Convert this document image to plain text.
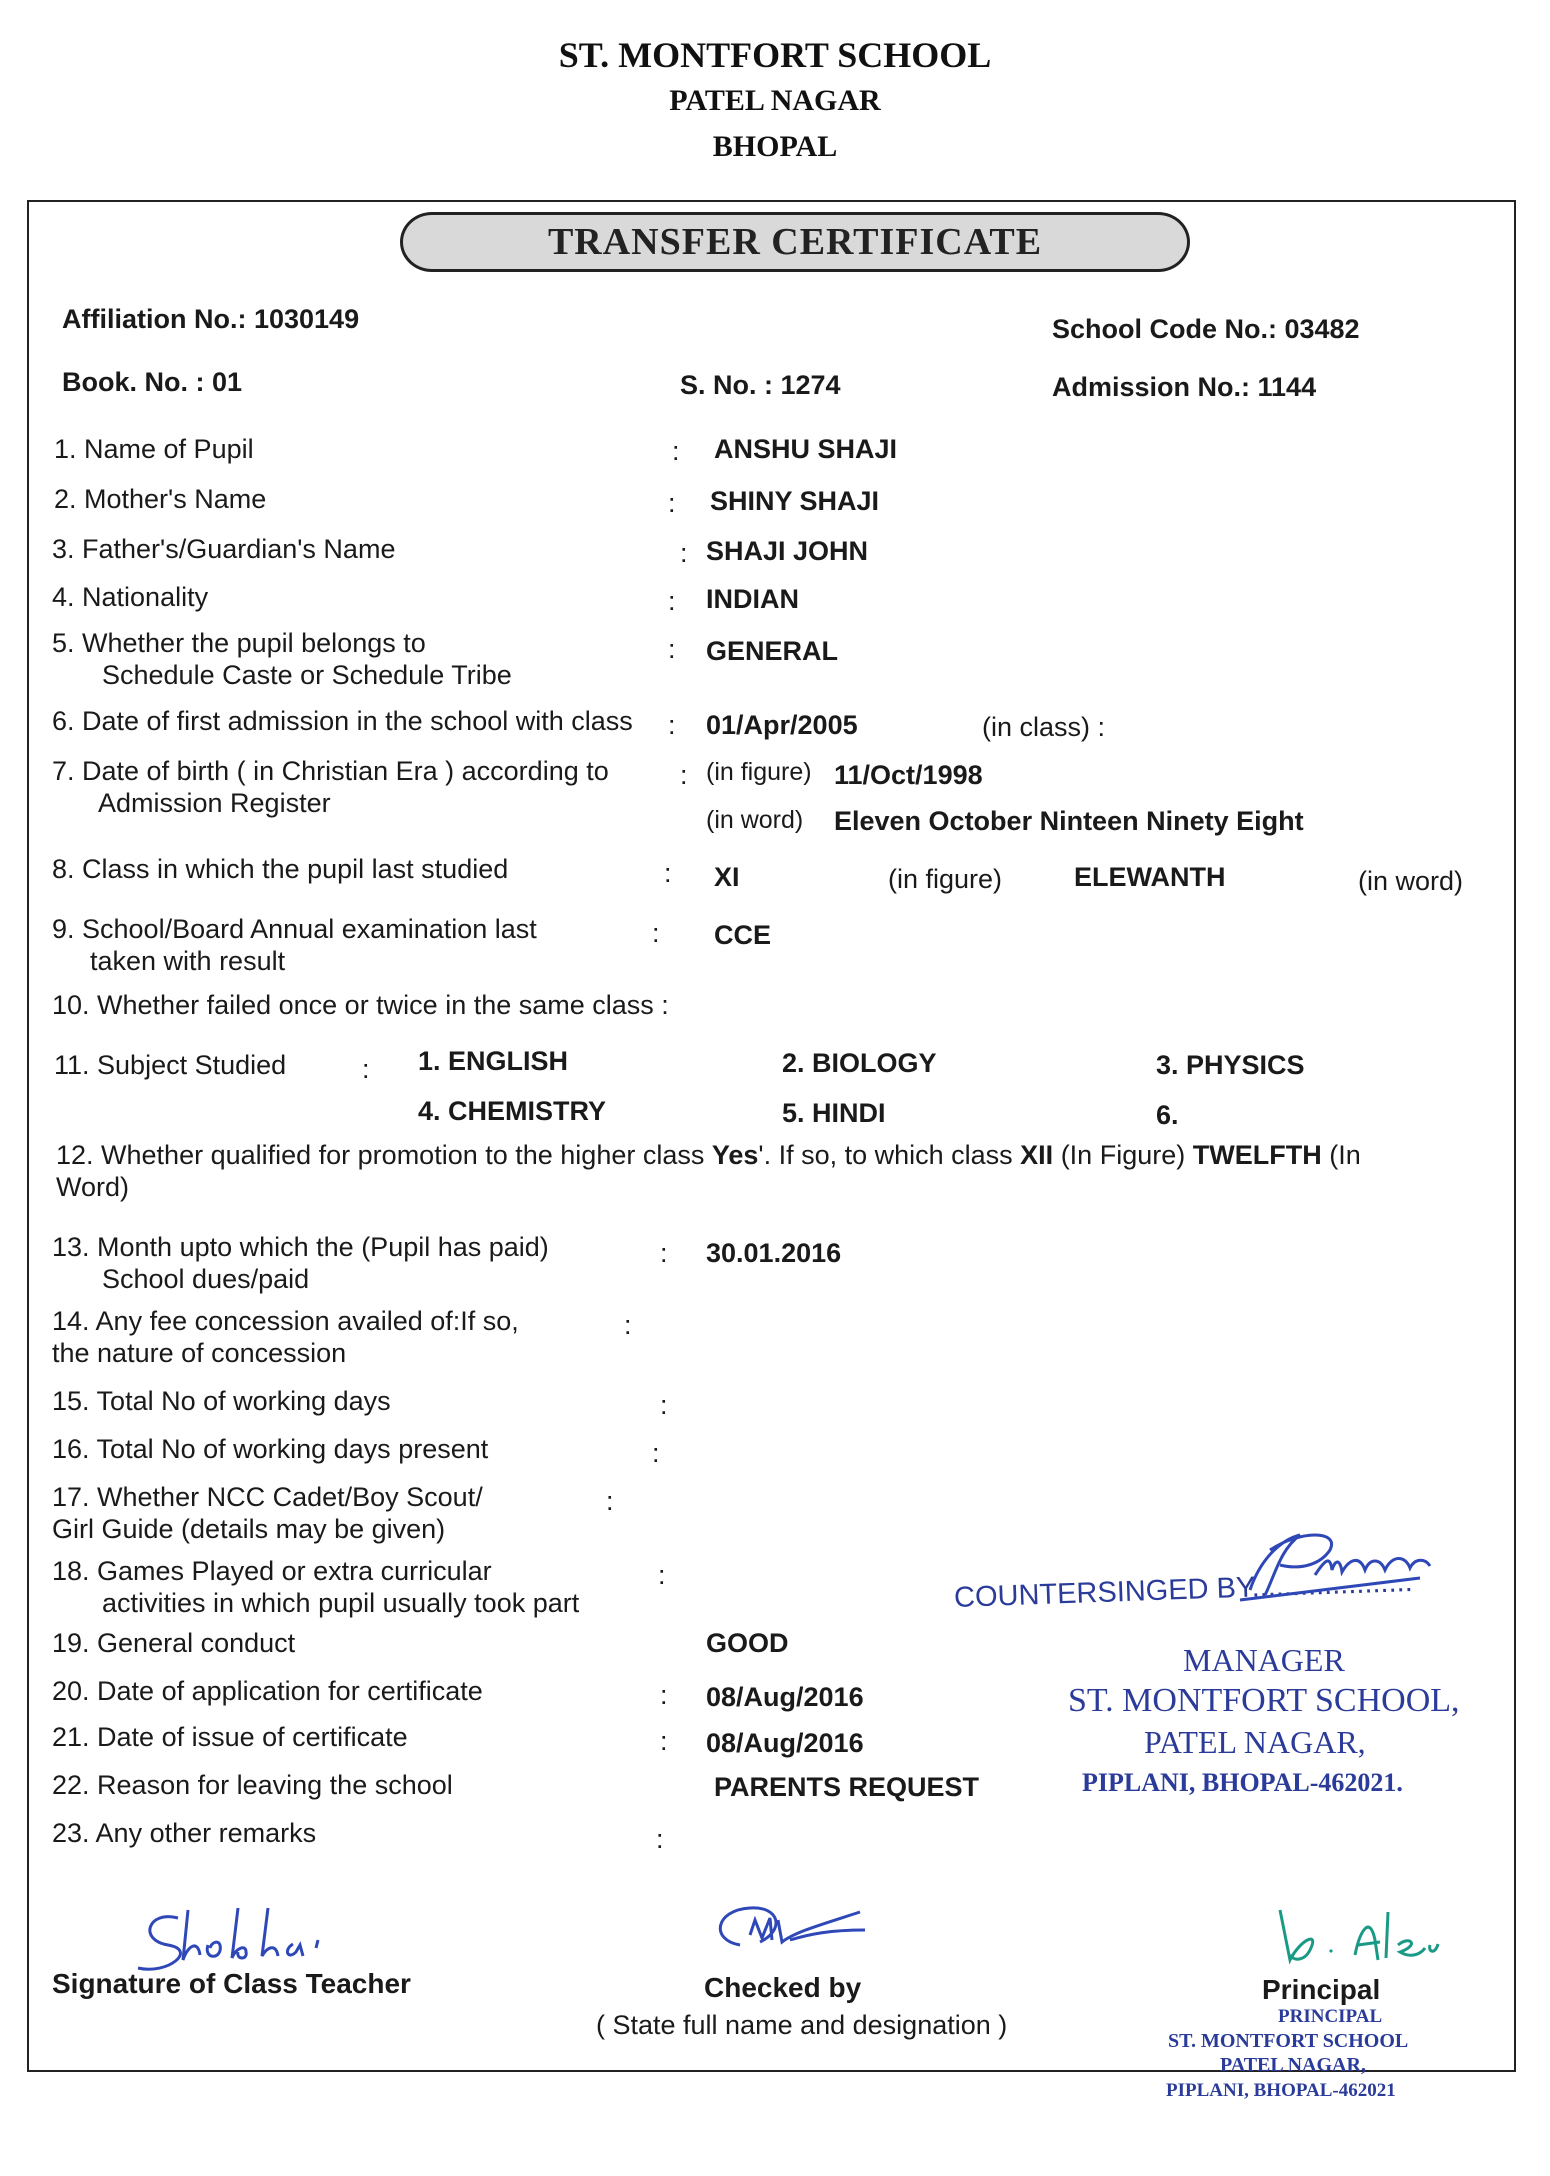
ST. MONTFORT SCHOOL
PATEL NAGAR
BHOPAL
TRANSFER CERTIFICATE
Affiliation No.: 1030149	School Code No.: 03482
Book. No. : 01	S. No. : 1274	Admission No.: 1144
1. Name of Pupil	: ANSHU SHAJI
2. Mother's Name	: SHINY SHAJI
3. Father's/Guardian's Name	: SHAJI JOHN
4. Nationality	: INDIAN
5. Whether the pupil belongs to
Schedule Caste or Schedule Tribe
: GENERAL
6. Date of first admission in the school with class : 01/Apr/2005	(in class) :
7. Date of birth ( in Christian Era ) according to
Admission Register
: (in figure) 11/Oct/1998
(in word) Eleven October Ninteen Ninety Eight
8. Class in which the pupil last studied	: XI	(in figure)	ELEWANTH	(in word)
9. School/Board Annual examination last
taken with result
: CCE
10. Whether failed once or twice in the same class :
11. Subject Studied	: 1. ENGLISH	2. BIOLOGY	3. PHYSICS
4. CHEMISTRY	5. HINDI	6.
12. Whether qualified for promotion to the higher class Yes'. If so, to which class XII (In Figure) TWELFTH (In
Word)
13. Month upto which the (Pupil has paid)
School dues/paid
: 30.01.2016
14. Any fee concession availed of:If so,
the nature of concession
:
15. Total No of working days	:
16. Total No of working days present	:
17. Whether NCC Cadet/Boy Scout/
Girl Guide (details may be given)
:
18. Games Played or extra curricular
activities in which pupil usually took part
:
19. General conduct	GOOD
20. Date of application for certificate	: 08/Aug/2016
21. Date of issue of certificate	: 08/Aug/2016
22. Reason for leaving the school	PARENTS REQUEST
23. Any other remarks	:
COUNTERSINGED BY....................
MANAGER
ST. MONTFORT SCHOOL,
PATEL NAGAR,
PIPLANI, BHOPAL-462021.
Signature of Class Teacher	Checked by
( State full name and designation )
Principal
PRINCIPAL
ST. MONTFORT SCHOOL
PATEL NAGAR,
PIPLANI, BHOPAL-462021
